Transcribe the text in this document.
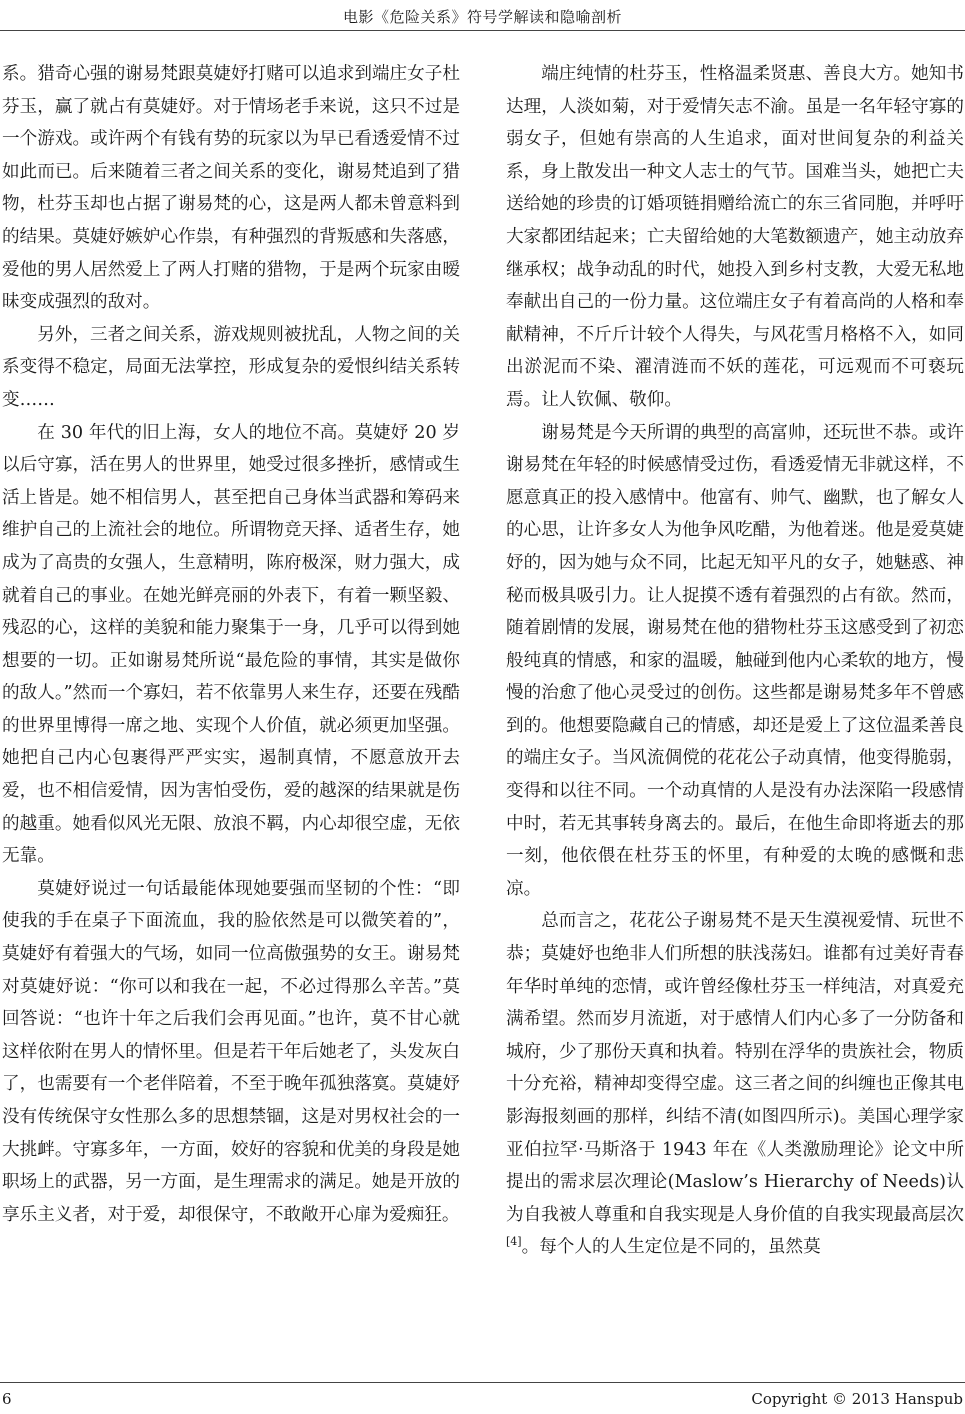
电影《危险关系》符号学解读和隐喻剖析

系。猎奇心强的谢易梵跟莫婕妤打赌可以追求到端庄女子杜芬玉，赢了就占有莫婕妤。对于情场老手来说，这只不过是一个游戏。或许两个有钱有势的玩家以为早已看透爱情不过如此而已。后来随着三者之间关系的变化，谢易梵追到了猎物，杜芬玉却也占据了谢易梵的心，这是两人都未曾意料到的结果。莫婕妤嫉妒心作祟，有种强烈的背叛感和失落感，爱他的男人居然爱上了两人打赌的猎物，于是两个玩家由暧昧变成强烈的敌对。

另外，三者之间关系，游戏规则被扰乱，人物之间的关系变得不稳定，局面无法掌控，形成复杂的爱恨纠结关系转变……

在 30 年代的旧上海，女人的地位不高。莫婕妤 20 岁以后守寡，活在男人的世界里，她受过很多挫折，感情或生活上皆是。她不相信男人，甚至把自己身体当武器和筹码来维护自己的上流社会的地位。所谓物竞天择、适者生存，她成为了高贵的女强人，生意精明，陈府极深，财力强大，成就着自己的事业。在她光鲜亮丽的外表下，有着一颗坚毅、残忍的心，这样的美貌和能力聚集于一身，几乎可以得到她想要的一切。正如谢易梵所说“最危险的事情，其实是做你的敌人。”然而一个寡妇，若不依靠男人来生存，还要在残酷的世界里博得一席之地、实现个人价值，就必须更加坚强。她把自己内心包裹得严严实实，遏制真情，不愿意放开去爱，也不相信爱情，因为害怕受伤，爱的越深的结果就是伤的越重。她看似风光无限、放浪不羁，内心却很空虚，无依无靠。

莫婕妤说过一句话最能体现她要强而坚韧的个性：“即使我的手在桌子下面流血，我的脸依然是可以微笑着的”，莫婕妤有着强大的气场，如同一位高傲强势的女王。谢易梵对莫婕妤说：“你可以和我在一起，不必过得那么辛苦。”莫回答说：“也许十年之后我们会再见面。”也许，莫不甘心就这样依附在男人的情怀里。但是若干年后她老了，头发灰白了，也需要有一个老伴陪着，不至于晚年孤独落寞。莫婕妤没有传统保守女性那么多的思想禁锢，这是对男权社会的一大挑衅。守寡多年，一方面，姣好的容貌和优美的身段是她职场上的武器，另一方面，是生理需求的满足。她是开放的享乐主义者，对于爱，却很保守，不敢敞开心扉为爱痴狂。

端庄纯情的杜芬玉，性格温柔贤惠、善良大方。她知书达理，人淡如菊，对于爱情矢志不渝。虽是一名年轻守寡的弱女子，但她有崇高的人生追求，面对世间复杂的利益关系，身上散发出一种文人志士的气节。国难当头，她把亡夫送给她的珍贵的订婚项链捐赠给流亡的东三省同胞，并呼吁大家都团结起来；亡夫留给她的大笔数额遗产，她主动放弃继承权；战争动乱的时代，她投入到乡村支教，大爱无私地奉献出自己的一份力量。这位端庄女子有着高尚的人格和奉献精神，不斤斤计较个人得失，与风花雪月格格不入，如同出淤泥而不染、濯清涟而不妖的莲花，可远观而不可亵玩焉。让人钦佩、敬仰。

谢易梵是今天所谓的典型的高富帅，还玩世不恭。或许谢易梵在年轻的时候感情受过伤，看透爱情无非就这样，不愿意真正的投入感情中。他富有、帅气、幽默，也了解女人的心思，让许多女人为他争风吃醋，为他着迷。他是爱莫婕妤的，因为她与众不同，比起无知平凡的女子，她魅惑、神秘而极具吸引力。让人捉摸不透有着强烈的占有欲。然而，随着剧情的发展，谢易梵在他的猎物杜芬玉这感受到了初恋般纯真的情感，和家的温暖，触碰到他内心柔软的地方，慢慢的治愈了他心灵受过的创伤。这些都是谢易梵多年不曾感到的。他想要隐藏自己的情感，却还是爱上了这位温柔善良的端庄女子。当风流倜傥的花花公子动真情，他变得脆弱，变得和以往不同。一个动真情的人是没有办法深陷一段感情中时，若无其事转身离去的。最后，在他生命即将逝去的那一刻，他依偎在杜芬玉的怀里，有种爱的太晚的感慨和悲凉。

总而言之，花花公子谢易梵不是天生漠视爱情、玩世不恭；莫婕妤也绝非人们所想的肤浅荡妇。谁都有过美好青春年华时单纯的恋情，或许曾经像杜芬玉一样纯洁，对真爱充满希望。然而岁月流逝，对于感情人们内心多了一分防备和城府，少了那份天真和执着。特别在浮华的贵族社会，物质十分充裕，精神却变得空虚。这三者之间的纠缠也正像其电影海报刻画的那样，纠结不清(如图四所示)。美国心理学家亚伯拉罕·马斯洛于 1943 年在《人类激励理论》论文中所提出的需求层次理论(Maslow’s Hierarchy of Needs)认为自我被人尊重和自我实现是人身价值的自我实现最高层次[4]。每个人的人生定位是不同的，虽然莫

6	Copyright © 2013 Hanspub
